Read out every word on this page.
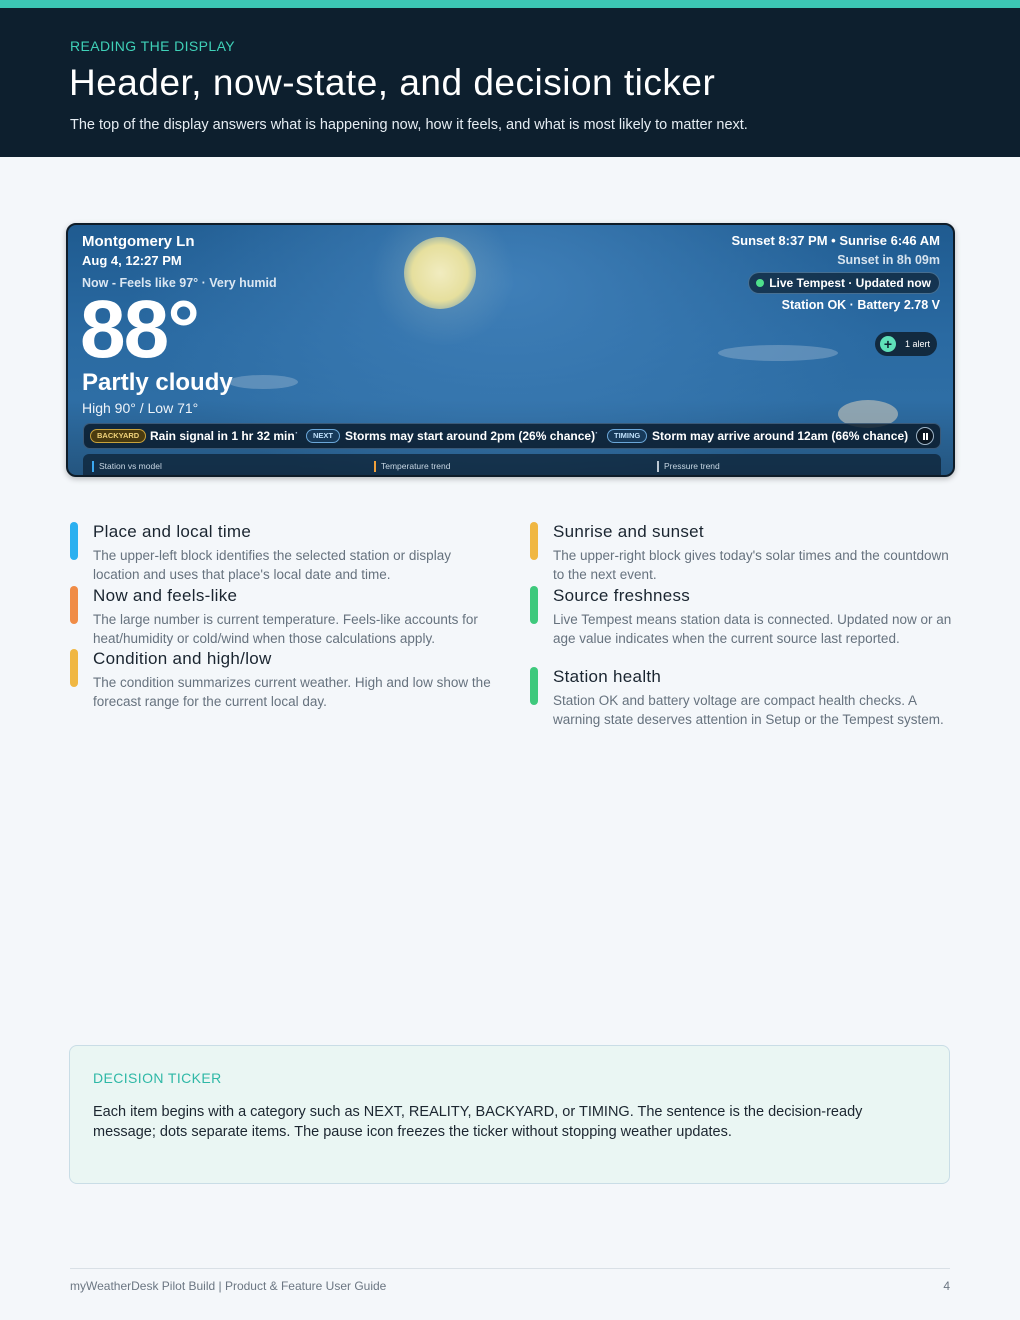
READING THE DISPLAY
Header, now-state, and decision ticker
The top of the display answers what is happening now, how it feels, and what is most likely to matter next.
Montgomery Ln
Aug 4, 12:27 PM
Now - Feels like 97° · Very humid
88°
Partly cloudy
High 90° / Low 71°
Sunset 8:37 PM • Sunrise 6:46 AM
Sunset in 8h 09m
Live Tempest · Updated now
Station OK · Battery 2.78 V
+	1 alert
BACKYARD Rain signal in 1 hr 32 min ·	NEXT Storms may start around 2pm (26% chance) ·	TIMING Storm may arrive around 12am (66% chance)
Station vs model	Temperature trend	Pressure trend
Place and local time
The upper-left block identifies the selected station or display location and uses that place's local date and time.
Now and feels-like
The large number is current temperature. Feels-like accounts for heat/humidity or cold/wind when those calculations apply.
Condition and high/low
The condition summarizes current weather. High and low show the forecast range for the current local day.
Sunrise and sunset
The upper-right block gives today's solar times and the countdown to the next event.
Source freshness
Live Tempest means station data is connected. Updated now or an age value indicates when the current source last reported.
Station health
Station OK and battery voltage are compact health checks. A warning state deserves attention in Setup or the Tempest system.
DECISION TICKER
Each item begins with a category such as NEXT, REALITY, BACKYARD, or TIMING. The sentence is the decision-ready message; dots separate items. The pause icon freezes the ticker without stopping weather updates.
myWeatherDesk Pilot Build | Product & Feature User Guide	4
